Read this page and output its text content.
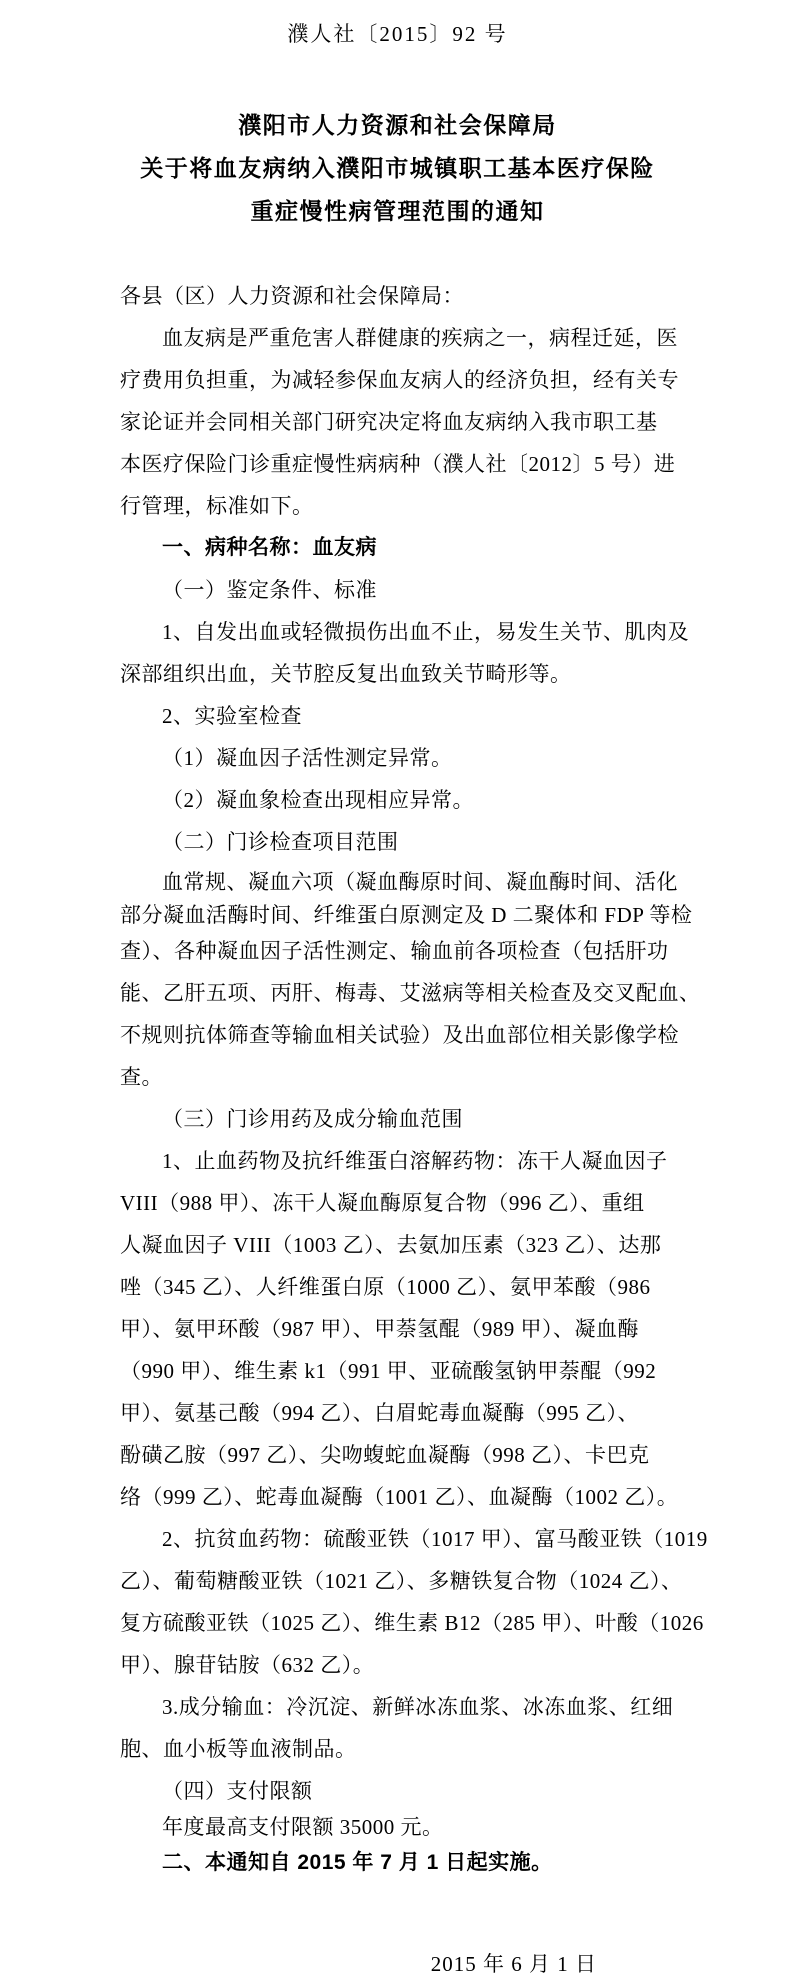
濮人社〔2015〕92 号
濮阳市人力资源和社会保障局
关于将血友病纳入濮阳市城镇职工基本医疗保险
重症慢性病管理范围的通知
各县（区）人力资源和社会保障局：
血友病是严重危害人群健康的疾病之一，病程迁延，医
疗费用负担重，为减轻参保血友病人的经济负担，经有关专
家论证并会同相关部门研究决定将血友病纳入我市职工基
本医疗保险门诊重症慢性病病种（濮人社〔2012〕5 号）进
行管理，标准如下。
一、病种名称：血友病
（一）鉴定条件、标准
1、自发出血或轻微损伤出血不止，易发生关节、肌肉及
深部组织出血，关节腔反复出血致关节畸形等。
2、实验室检查
（1）凝血因子活性测定异常。
（2）凝血象检查出现相应异常。
（二）门诊检查项目范围
血常规、凝血六项（凝血酶原时间、凝血酶时间、活化
部分凝血活酶时间、纤维蛋白原测定及 D 二聚体和 FDP 等检
查）、各种凝血因子活性测定、输血前各项检查（包括肝功
能、乙肝五项、丙肝、梅毒、艾滋病等相关检查及交叉配血、
不规则抗体筛查等输血相关试验）及出血部位相关影像学检
查。
（三）门诊用药及成分输血范围
1、止血药物及抗纤维蛋白溶解药物：冻干人凝血因子
VIII（988 甲）、冻干人凝血酶原复合物（996 乙）、重组
人凝血因子 VIII（1003 乙）、去氨加压素（323 乙）、达那
唑（345 乙）、人纤维蛋白原（1000 乙）、氨甲苯酸（986
甲）、氨甲环酸（987 甲）、甲萘氢醌（989 甲）、凝血酶
（990 甲）、维生素 k1（991 甲、亚硫酸氢钠甲萘醌（992
甲）、氨基己酸（994 乙）、白眉蛇毒血凝酶（995 乙）、
酚磺乙胺（997 乙）、尖吻蝮蛇血凝酶（998 乙）、卡巴克
络（999 乙）、蛇毒血凝酶（1001 乙）、血凝酶（1002 乙）。
2、抗贫血药物：硫酸亚铁（1017 甲）、富马酸亚铁（1019
乙）、葡萄糖酸亚铁（1021 乙）、多糖铁复合物（1024 乙）、
复方硫酸亚铁（1025 乙）、维生素 B12（285 甲）、叶酸（1026
甲）、腺苷钴胺（632 乙）。
3.成分输血：冷沉淀、新鲜冰冻血浆、冰冻血浆、红细
胞、血小板等血液制品。
（四）支付限额
年度最高支付限额 35000 元。
二、本通知自 2015 年 7 月 1 日起实施。
2015 年 6 月 1 日
